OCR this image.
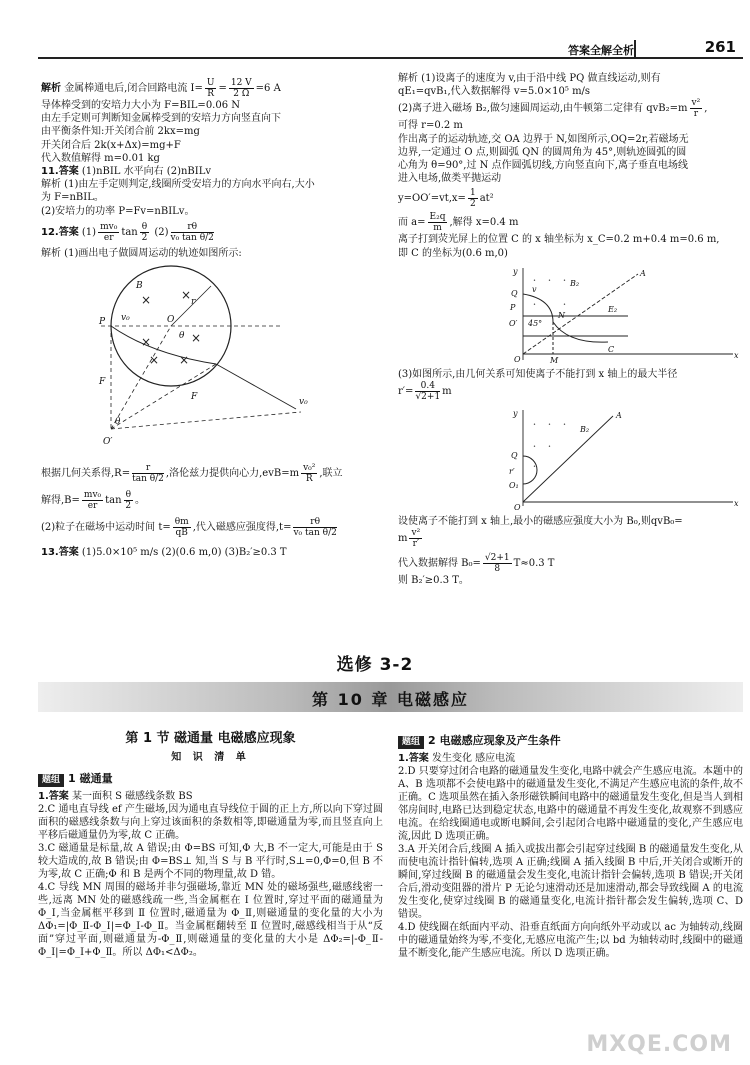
答案全解全析	261
解析 金属棒通电后,闭合回路电流 $I= \frac{U}{R} = \frac{12 V}{2 \Omega} =6$ A
导体棒受到的安培力大小为 F=BIL=0.06 N
由左手定则可判断知金属棒受到的安培力方向竖直向下
由平衡条件知:开关闭合前 2kx=mg
开关闭合后 2k(x+Δx)=mg+F
代入数值解得 m=0.01 kg
11.答案 (1)nBIL 水平向右 (2)nBILv
解析 (1)由左手定则判定,线圈所受安培力的方向水平向右,大小
为 F=nBIL。
(2)安培力的功率 P=Fv=nBILv。
12.答案 $(1) \frac{\text{mv₀}}{er}$ $\tan \frac{\theta}{2} (2) \frac{r\theta}{\text{v₀ tan θ/2}}$
解析 (1)画出电子做圆周运动的轨迹如图所示:
× ×
×	×
× ×
B
P v₀	O
θ
r
F
F	v₀
θ
O′
根据几何关系得$,R= \frac{r}{\text{tan θ/2}}$ ,洛伦兹力提供向心力$,evB=m \frac{\text{v₀²}}{R}$ ,联立
解得$,B= \frac{\text{mv₀}}{er}$ $\tan \frac{\theta}{2}$ 。
(2)粒子在磁场中运动时间 $t= \frac{\theta m}{qB}$ ,代入磁感应强度得$,t= \frac{r\theta}{\text{v₀ tan θ/2}}$
13.答案 (1)5.0×10⁵ m/s (2)(0.6 m,0) (3)B₂′≥0.3 T
解析 (1)设离子的速度为 v,由于沿中线 PQ 做直线运动,则有
qE₁=qvB₁,代入数据解得 v=5.0×10⁵ m/s
(2)离子进入磁场 B₂,做匀速圆周运动,由牛顿第二定律有 $qvB_2=m \frac{\text{v²}}{r}$ ,
可得 r=0.2 m
作出离子的运动轨迹,交 OA 边界于 N,如图所示,OQ=2r,若磁场无
边界,一定通过 O 点,则圆弧 QN 的圆周角为 45°,则轨迹圆弧的圆
心角为 θ=90°,过 N 点作圆弧切线,方向竖直向下,离子垂直电场线
进入电场,做类平抛运动
$y=OO'=vt,x= \frac{1}{2} at^2$
而 $a= \frac{\text{E₂q}}{m}$ ,解得 x=0.4 m
离子打到荧光屏上的位置 C 的 x 轴坐标为 x_C=0.2 m+0.4 m=0.6 m,
即 C 的坐标为(0.6 m,0)
• • •
•	•
y	A
B₂
Q
O′
E₂
N
45°
O	M
C
x
P
v
(3)如图所示,由几何关系可知使离子不能打到 x 轴上的最大半径
$r'= \frac{0.4}{√2+1}$ m
• • •
• •
•
y	A
B₂
Q
r′
O
O₁
x
设使离子不能打到 x 轴上,最小的磁感应强度大小为 B₀,则qvB₀=
m $\frac{\text{v²}}{r'}$
代入数据解得 $B_0= \frac{√2+1}{8} T\approx 0.3$ T
则 B₂′≥0.3 T。
选修 3-2
第 10 章 电磁感应
第 1 节 磁通量 电磁感应现象
知 识 清 单
题组 1 磁通量
1.答案 某一面积 S 磁感线条数 BS
2.C 通电直导线 ef 产生磁场,因为通电直导线位于圆的正上方,所以向下穿过圆面积的磁感线条数与向上穿过该面积的条数相等,即磁通量为零,而且竖直向上平移后磁通量仍为零,故 C 正确。
3.C 磁通量是标量,故 A 错误;由 Φ=BS 可知,Φ 大,B 不一定大,可能是由于 S 较大造成的,故 B 错误;由 Φ=BS⊥ 知,当 S 与 B 平行时,S⊥=0,Φ=0,但 B 不为零,故 C 正确;Φ 和 B 是两个不同的物理量,故 D 错。
4.C 导线 MN 周围的磁场并非匀强磁场,靠近 MN 处的磁场强些,磁感线密一些,远离 MN 处的磁感线疏一些,当金属框在 Ⅰ 位置时,穿过平面的磁通量为 Φ_Ⅰ,当金属框平移到 Ⅱ 位置时,磁通量为 Φ_Ⅱ,则磁通量的变化量的大小为 ΔΦ₁=|Φ_Ⅱ-Φ_Ⅰ|=Φ_Ⅰ-Φ_Ⅱ。当金属框翻转至 Ⅱ 位置时,磁感线相当于从“反面”穿过平面,则磁通量为-Φ_Ⅱ,则磁通量的变化量的大小是 ΔΦ₂=|-Φ_Ⅱ-Φ_Ⅰ|=Φ_Ⅰ+Φ_Ⅱ。所以 ΔΦ₁<ΔΦ₂。
题组 2 电磁感应现象及产生条件
1.答案 发生变化 感应电流
2.D 只要穿过闭合电路的磁通量发生变化,电路中就会产生感应电流。本题中的 A、B 选项都不会使电路中的磁通量发生变化,不满足产生感应电流的条件,故不正确。C 选项虽然在插入条形磁铁瞬间电路中的磁通量发生变化,但是当人到相邻房间时,电路已达到稳定状态,电路中的磁通量不再发生变化,故观察不到感应电流。在给线圈通电或断电瞬间,会引起闭合电路中磁通量的变化,产生感应电流,因此 D 选项正确。
3.A 开关闭合后,线圈 A 插入或拔出都会引起穿过线圈 B 的磁通量发生变化,从而使电流计指针偏转,选项 A 正确;线圈 A 插入线圈 B 中后,开关闭合或断开的瞬间,穿过线圈 B 的磁通量会发生变化,电流计指针会偏转,选项 B 错误;开关闭合后,滑动变阻器的滑片 P 无论匀速滑动还是加速滑动,都会导致线圈 A 的电流发生变化,使穿过线圈 B 的磁通量变化,电流计指针都会发生偏转,选项 C、D 错误。
4.D 使线圈在纸面内平动、沿垂直纸面方向向纸外平动或以 ac 为轴转动,线圈中的磁通量始终为零,不变化,无感应电流产生;以 bd 为轴转动时,线圈中的磁通量不断变化,能产生感应电流。所以 D 选项正确。
MXQE.COM
